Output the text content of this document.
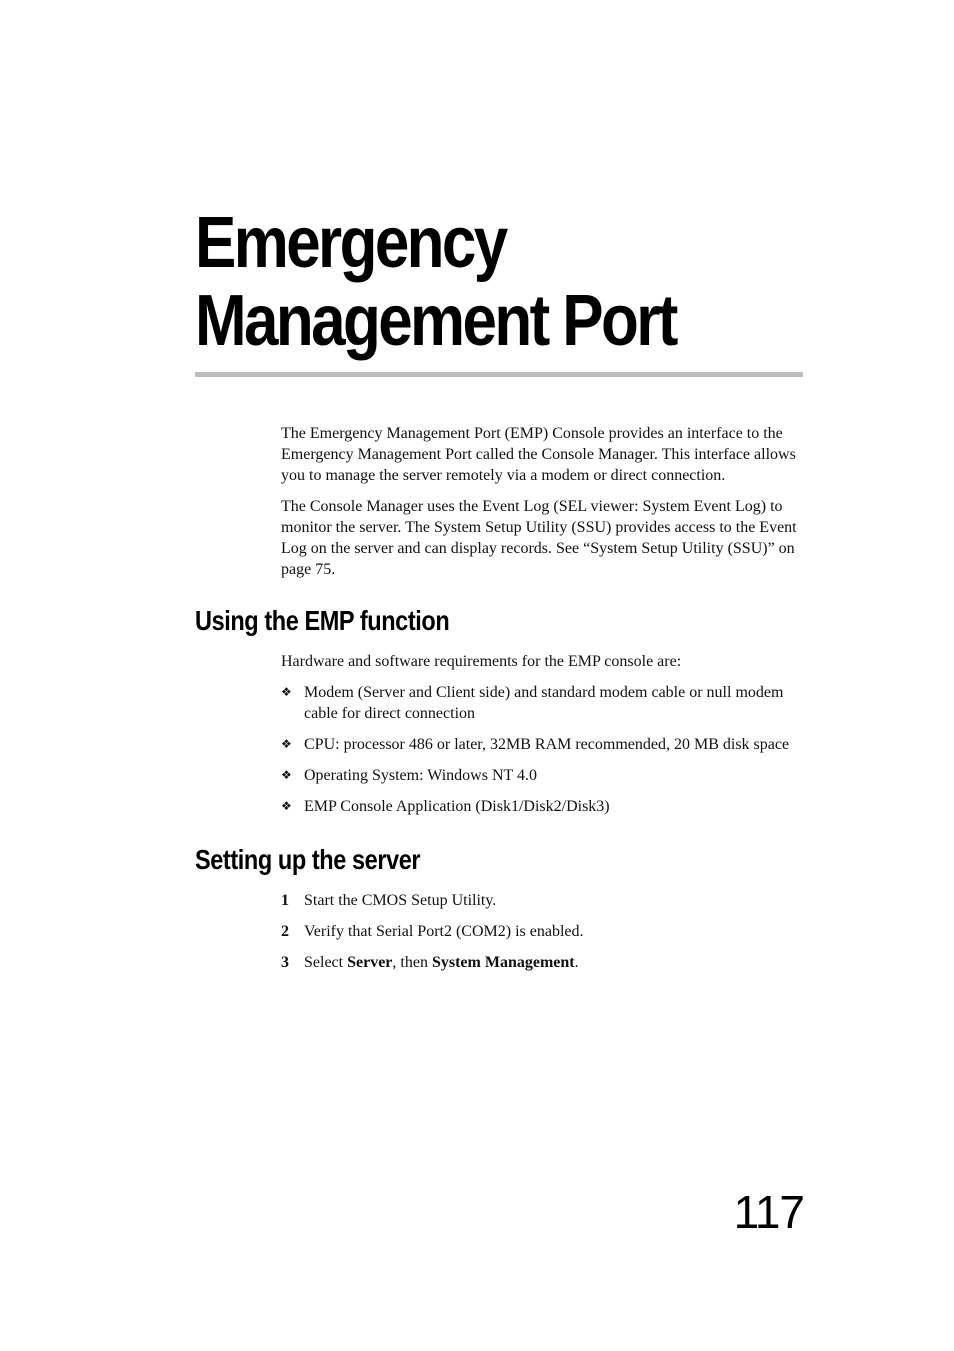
Emergency
Management Port

The Emergency Management Port (EMP) Console provides an interface to the Emergency Management Port called the Console Manager. This interface allows you to manage the server remotely via a modem or direct connection.

The Console Manager uses the Event Log (SEL viewer: System Event Log) to monitor the server. The System Setup Utility (SSU) provides access to the Event Log on the server and can display records. See “System Setup Utility (SSU)” on page 75.

Using the EMP function

Hardware and software requirements for the EMP console are:

❖ Modem (Server and Client side) and standard modem cable or null modem cable for direct connection
❖ CPU: processor 486 or later, 32MB RAM recommended, 20 MB disk space
❖ Operating System: Windows NT 4.0
❖ EMP Console Application (Disk1/Disk2/Disk3)
Setting up the server
1 Start the CMOS Setup Utility.
2 Verify that Serial Port2 (COM2) is enabled.
3 Select Server, then System Management.
117
